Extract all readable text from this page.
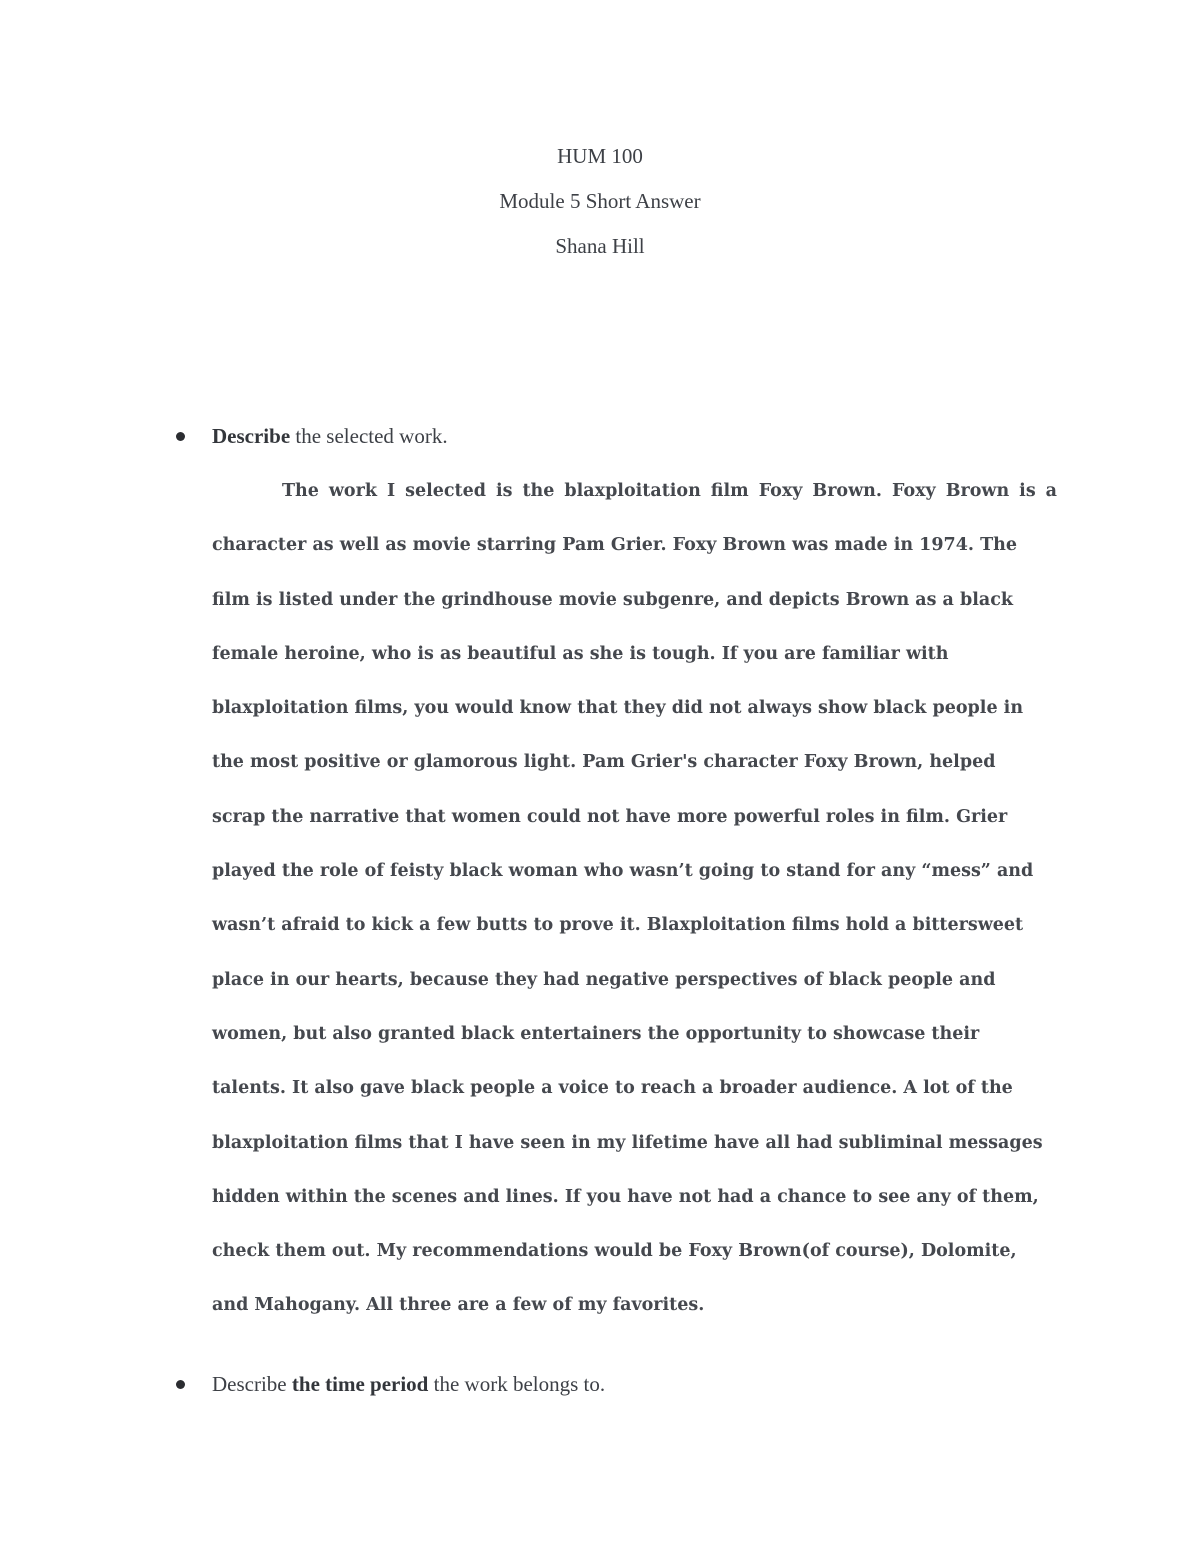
HUM 100
Module 5 Short Answer
Shana Hill
Describe the selected work.
The work I selected is the blaxploitation film Foxy Brown. Foxy Brown is a
character as well as movie starring Pam Grier. Foxy Brown was made in 1974. The film is listed under the grindhouse movie subgenre, and depicts Brown as a black female heroine, who is as beautiful as she is tough. If you are familiar with blaxploitation films, you would know that they did not always show black people in the most positive or glamorous light. Pam Grier's character Foxy Brown, helped scrap the narrative that women could not have more powerful roles in film. Grier played the role of feisty black woman who wasn’t going to stand for any “mess” and wasn’t afraid to kick a few butts to prove it. Blaxploitation films hold a bittersweet place in our hearts, because they had negative perspectives of black people and women, but also granted black entertainers the opportunity to showcase their talents. It also gave black people a voice to reach a broader audience. A lot of the blaxploitation films that I have seen in my lifetime have all had subliminal messages hidden within the scenes and lines. If you have not had a chance to see any of them, check them out. My recommendations would be Foxy Brown(of course), Dolomite,
and Mahogany. All three are a few of my favorites.
Describe the time period the work belongs to.
